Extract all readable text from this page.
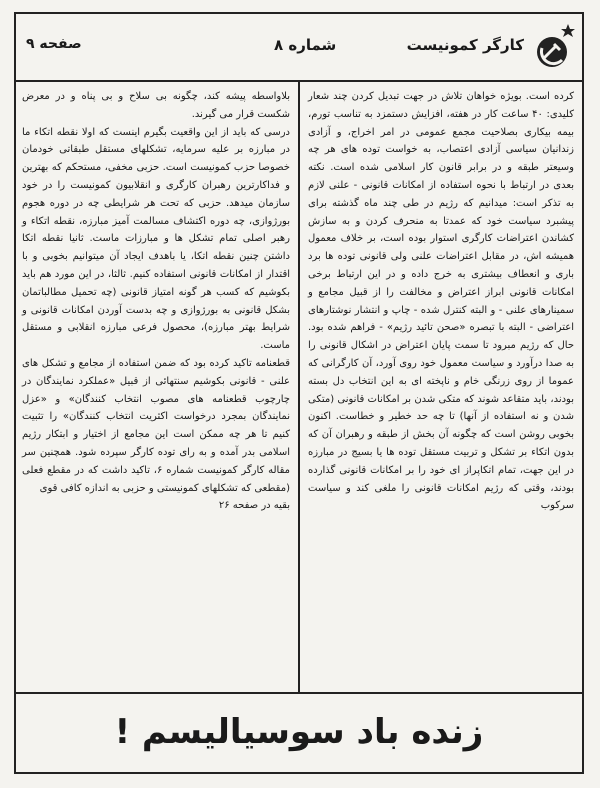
کارگر کمونیست
شماره ۸
صفحه ۹

کرده است. بویژه خواهان تلاش در جهت تبدیل کردن چند شعار کلیدی: ۴۰ ساعت کار در هفته، افزایش دستمزد به تناسب تورم، بیمه بیکاری بصلاحیت مجمع عمومی در امر اخراج، و آزادی زندانیان سیاسی آزادی اعتصاب، به خواست توده های هر چه وسیعتر طبقه و در برابر قانون کار اسلامی شده است. نکته بعدی در ارتباط با نحوه استفاده از امکانات قانونی - علنی لازم به تذکر است: میدانیم که رژیم در طی چند ماه گذشته برای پیشبرد سیاست خود که عمدتا به منحرف کردن و به سازش کشاندن اعتراضات کارگری استوار بوده است، بر خلاف معمول همیشه اش، در مقابل اعتراضات علنی ولی قانونی توده ها برد باری و انعطاف بیشتری به خرج داده و در این ارتباط برخی امکانات قانونی ابراز اعتراض و مخالفت را از قبیل مجامع و سمینارهای علنی - و البته کنترل شده - چاپ و انتشار نوشتارهای اعتراضی - البته با تبصره «صحن تائید رژیم» - فراهم شده بود. حال که رژیم مبرود تا سمت پایان اعتراض در اشکال قانونی را به صدا درآورد و سیاست معمول خود روی آورد، آن کارگرانی که عموما از روی زرنگی خام و ناپخته ای به این انتخاب دل بسته بودند، باید متقاعد شوند که متکی شدن بر امکانات قانونی (متکی شدن و نه استفاده از آنها) تا چه حد خطیر و خطاست. اکنون بخوبی روشن است که چگونه آن بخش از طبقه و رهبران آن که بدون اتکاء بر تشکل و تربیت مستقل توده ها یا بسیج در مبارزه در این جهت، تمام اتکاپراز ای خود را بر امکانات قانونی گذارده بودند، وقتی که رژیم امکانات قانونی را ملغی کند و سیاست سرکوب

بلاواسطه پیشه کند، چگونه بی سلاح و بی پناه و در معرض شکست قرار می گیرند.

درسی که باید از این واقعیت بگیرم اینست که اولا نقطه اتکاء ما در مبارزه بر علیه سرمایه، تشکلهای مستقل طبقاتی خودمان خصوصا حزب کمونیست است. حزبی مخفی، مستحکم که بهترین و فداکارترین رهبران کارگری و انقلابیون کمونیست را در خود سازمان میدهد. حزبی که تحت هر شرایطی چه در دوره هجوم بورژوازی، چه دوره اکتشاف مسالمت آمیز مبارزه، نقطه اتکاء و رهبر اصلی تمام تشکل ها و مبارزات ماست. ثانیا نقطه اتکا داشتن چنین نقطه اتکا، یا باهدف ایجاد آن میتوانیم بخوبی و با اقتدار از امکانات قانونی استفاده کنیم. ثالثا، در این مورد هم باید بکوشیم که کسب هر گونه امتیاز قانونی (چه تحمیل مطالباتمان بشکل قانونی به بورژوازی و چه بدست آوردن امکانات قانونی و شرایط بهتر مبارزه)، محصول فرعی مبارزه انقلابی و مستقل ماست.

قطعنامه تاکید کرده بود که ضمن استفاده از مجامع و تشکل های علنی - قانونی بکوشیم سنتهائی از قبیل «عملکرد نمایندگان در چارچوب قطعنامه های مصوب انتخاب کنندگان» و «عزل نمایندگان بمجرد درخواست اکثریت انتخاب کنندگان» را تثبیت کنیم تا هر چه ممکن است این مجامع از اختیار و ابتکار رژیم اسلامی بدر آمده و به رای توده کارگر سپرده شود. همچنین سر مقاله کارگر کمونیست شماره ۶، تاکید داشت که در مقطع فعلی (مقطعی که تشکلهای کمونیستی و حزبی به اندازه کافی قوی

بقیه در صفحه ۲۶

زنده باد سوسیالیسم !
